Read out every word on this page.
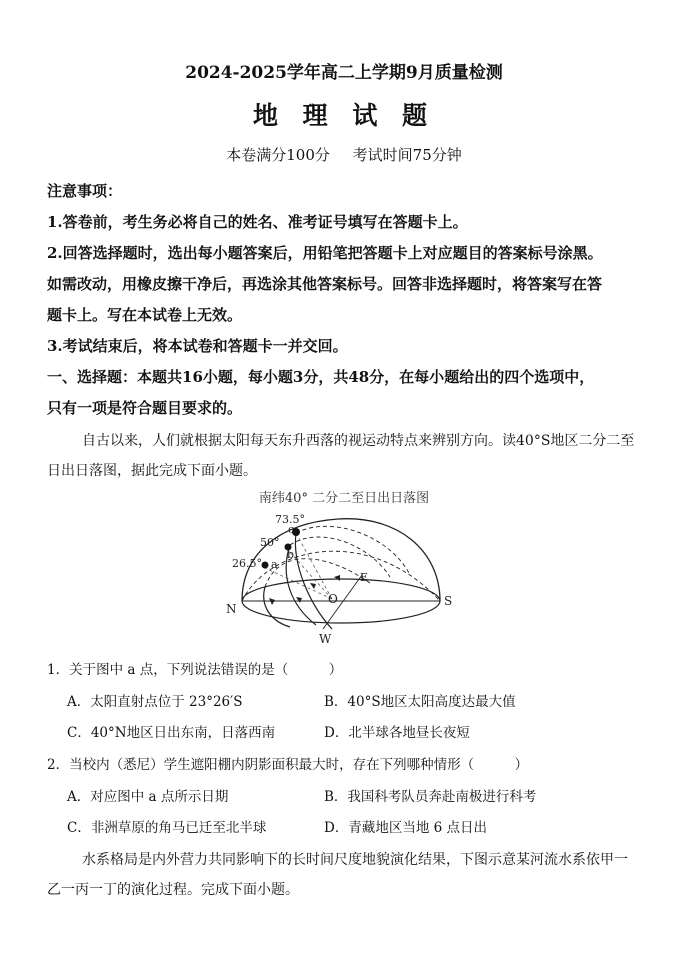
2024-2025学年高二上学期9月质量检测
地 理 试 题
本卷满分100分 考试时间75分钟
注意事项：
1.答卷前，考生务必将自己的姓名、准考证号填写在答题卡上。
2.回答选择题时，选出每小题答案后，用铅笔把答题卡上对应题目的答案标号涂黑。
如需改动，用橡皮擦干净后，再选涂其他答案标号。回答非选择题时，将答案写在答
题卡上。写在本试卷上无效。
3.考试结束后，将本试卷和答题卡一并交回。
一、选择题：本题共16小题，每小题3分，共48分，在每小题给出的四个选项中，
只有一项是符合题目要求的。
自古以来，人们就根据太阳每天东升西落的视运动特点来辨别方向。读40°S地区二分二至
日出日落图，据此完成下面小题。
南纬40° 二分二至日出日落图
73.5°
50°
26.5°
c
b
a
N
S
E
W
O
1．关于图中 a 点，下列说法错误的是（　　　）
A．太阳直射点位于 23°26′S	B．40°S地区太阳高度达最大值
C．40°N地区日出东南，日落西南	D．北半球各地昼长夜短
2．当校内（悉尼）学生遮阳棚内阴影面积最大时，存在下列哪种情形（　　　）
A．对应图中 a 点所示日期	B．我国科考队员奔赴南极进行科考
C．非洲草原的角马已迁至北半球	D．青藏地区当地 6 点日出
水系格局是内外营力共同影响下的长时间尺度地貌演化结果，下图示意某河流水系依甲一
乙一丙一丁的演化过程。完成下面小题。
